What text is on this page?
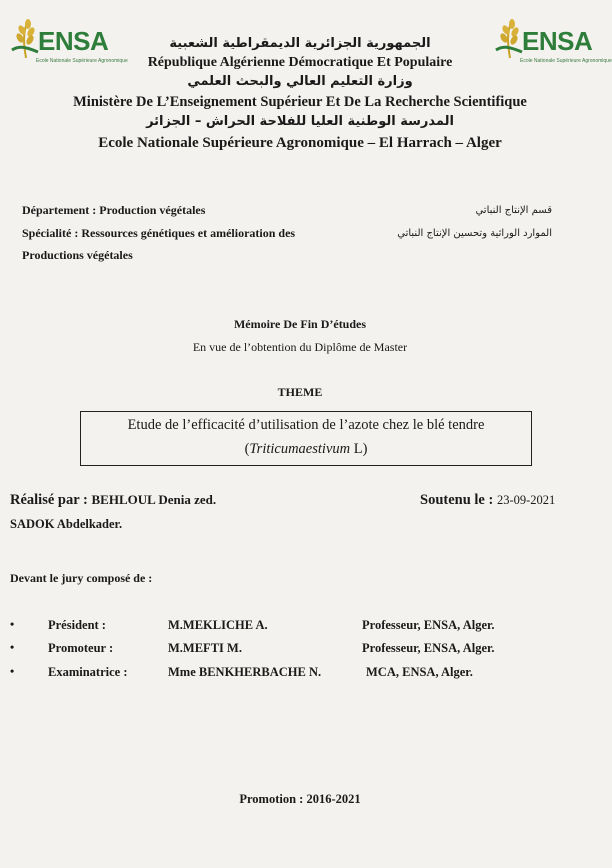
ENSA
Ecole Nationale Supérieure Agronomique
ENSA
Ecole Nationale Supérieure Agronomique
الجمهورية الجزائرية الديمقراطية الشعبية
République Algérienne Démocratique Et Populaire
وزارة التعليم العالي والبحث العلمي
Ministère De L’Enseignement Supérieur Et De La Recherche Scientifique
المدرسة الوطنية العليا للفلاحة الحراش – الجزائر
Ecole Nationale Supérieure Agronomique – El Harrach – Alger
Département : Production végétales	قسم الإنتاج النباتي
Spécialité : Ressources génétiques et amélioration des	الموارد الوراثية وتحسين الإنتاج النباتي
Productions végétales
Mémoire De Fin D’études
En vue de l’obtention du Diplôme de Master
THEME
Etude de l’efficacité d’utilisation de l’azote chez le blé tendre
(Triticumaestivum L)
Réalisé par : BEHLOUL Denia zed.	Soutenu le : 23-09-2021
SADOK Abdelkader.
Devant le jury composé de :
•	Président :	M.MEKLICHE A.	Professeur, ENSA, Alger.
•	Promoteur :	M.MEFTI M.	Professeur, ENSA, Alger.
•	Examinatrice :	Mme BENKHERBACHE N.	MCA, ENSA, Alger.
Promotion : 2016-2021
